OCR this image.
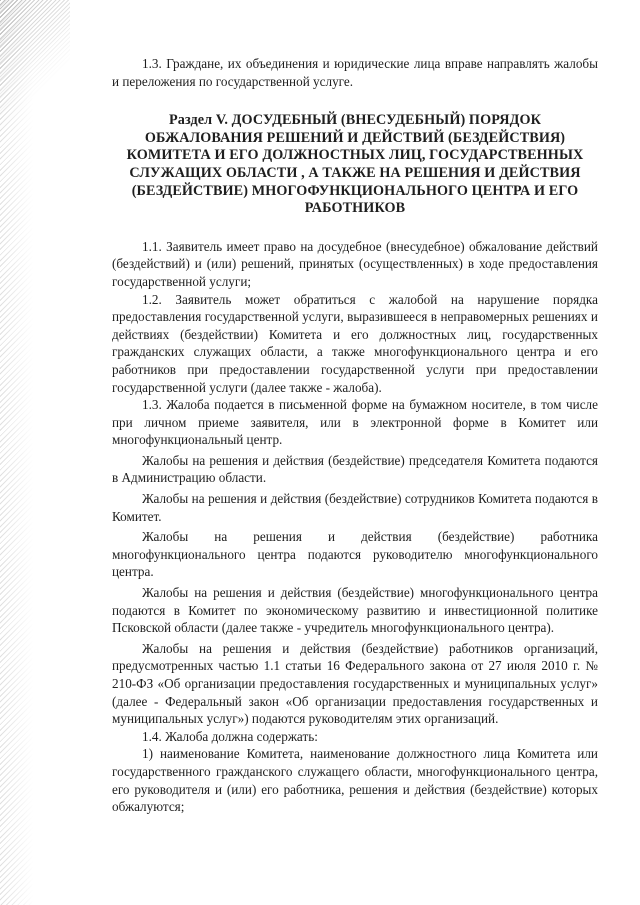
1.3. Граждане, их объединения и юридические лица вправе направлять жалобы и переложения по государственной услуге.

Раздел V. ДОСУДЕБНЫЙ (ВНЕСУДЕБНЫЙ) ПОРЯДОК ОБЖАЛОВАНИЯ РЕШЕНИЙ И ДЕЙСТВИЙ (БЕЗДЕЙСТВИЯ) КОМИТЕТА И ЕГО ДОЛЖНОСТНЫХ ЛИЦ, ГОСУДАРСТВЕННЫХ СЛУЖАЩИХ ОБЛАСТИ , А ТАКЖЕ НА РЕШЕНИЯ И ДЕЙСТВИЯ (БЕЗДЕЙСТВИЕ) МНОГОФУНКЦИОНАЛЬНОГО ЦЕНТРА И ЕГО РАБОТНИКОВ

1.1. Заявитель имеет право на досудебное (внесудебное) обжалование действий (бездействий) и (или) решений, принятых (осуществленных) в ходе предоставления государственной услуги;

1.2. Заявитель может обратиться с жалобой на нарушение порядка предоставления государственной услуги, выразившееся в неправомерных решениях и действиях (бездействии) Комитета и его должностных лиц, государственных гражданских служащих области, а также многофункционального центра и его работников при предоставлении государственной услуги при предоставлении государственной услуги (далее также - жалоба).

1.3. Жалоба подается в письменной форме на бумажном носителе, в том числе при личном приеме заявителя, или в электронной форме в Комитет или многофункциональный центр.

Жалобы на решения и действия (бездействие) председателя Комитета подаются в Администрацию области.

Жалобы на решения и действия (бездействие) сотрудников Комитета подаются в Комитет.

Жалобы на решения и действия (бездействие) работника многофункционального центра подаются руководителю многофункционального центра.

Жалобы на решения и действия (бездействие) многофункционального центра подаются в Комитет по экономическому развитию и инвестиционной политике Псковской области (далее также - учредитель многофункционального центра).

Жалобы на решения и действия (бездействие) работников организаций, предусмотренных частью 1.1 статьи 16 Федерального закона от 27 июля 2010 г. № 210-ФЗ «Об организации предоставления государственных и муниципальных услуг» (далее - Федеральный закон «Об организации предоставления государственных и муниципальных услуг») подаются руководителям этих организаций.

1.4. Жалоба должна содержать:

1) наименование Комитета, наименование должностного лица Комитета или государственного гражданского служащего области, многофункционального центра, его руководителя и (или) его работника, решения и действия (бездействие) которых обжалуются;
